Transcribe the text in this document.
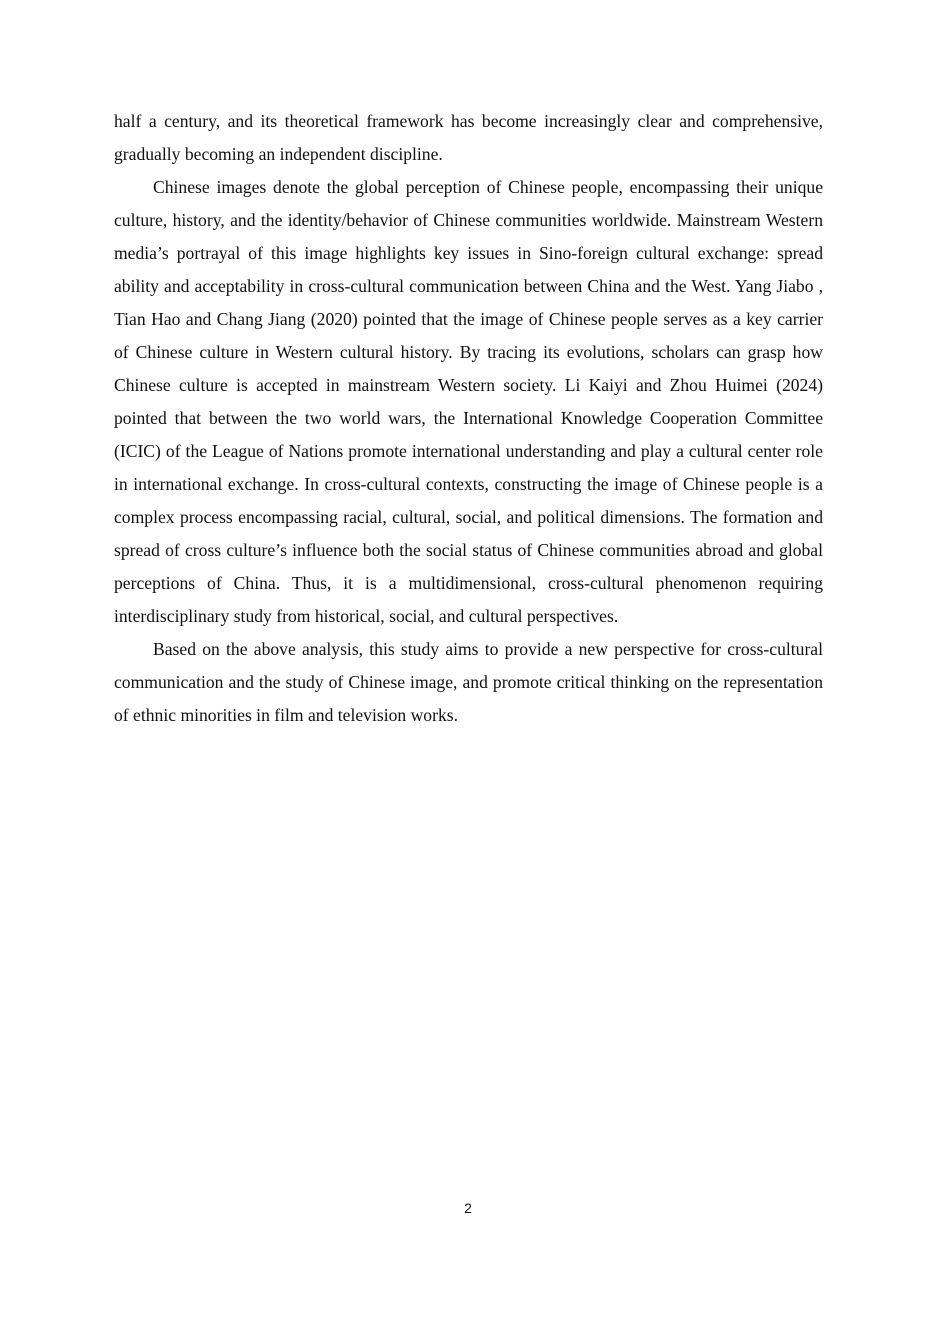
half a century, and its theoretical framework has become increasingly clear and comprehensive, gradually becoming an independent discipline.

Chinese images denote the global perception of Chinese people, encompassing their unique culture, history, and the identity/behavior of Chinese communities worldwide. Mainstream Western media’s portrayal of this image highlights key issues in Sino-foreign cultural exchange: spread ability and acceptability in cross-cultural communication between China and the West. Yang Jiabo , Tian Hao and Chang Jiang (2020) pointed that the image of Chinese people serves as a key carrier of Chinese culture in Western cultural history. By tracing its evolutions, scholars can grasp how Chinese culture is accepted in mainstream Western society. Li Kaiyi and Zhou Huimei (2024) pointed that between the two world wars, the International Knowledge Cooperation Committee (ICIC) of the League of Nations promote international understanding and play a cultural center role in international exchange. In cross-cultural contexts, constructing the image of Chinese people is a complex process encompassing racial, cultural, social, and political dimensions. The formation and spread of cross culture’s influence both the social status of Chinese communities abroad and global perceptions of China. Thus, it is a multidimensional, cross-cultural phenomenon requiring interdisciplinary study from historical, social, and cultural perspectives.

Based on the above analysis, this study aims to provide a new perspective for cross-cultural communication and the study of Chinese image, and promote critical thinking on the representation of ethnic minorities in film and television works.

2
